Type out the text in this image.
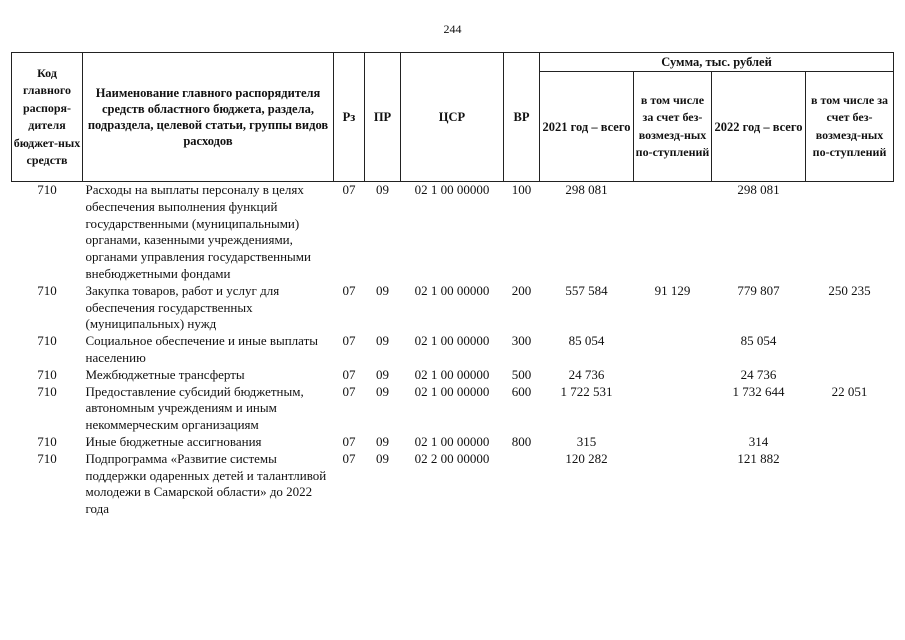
244
Код главного распоря-дителя бюджет-ных средств	Наименование главного распорядителя средств областного бюджета, раздела, подраздела, целевой статьи, группы видов расходов	Рз	ПР	ЦСР	ВР	Сумма, тыс. рублей			
						2021 год – всего	в том числе за счет без-возмезд-ных по-ступлений	2022 год – всего	в том числе за счет без-возмезд-ных по-ступлений
710	Расходы на выплаты персоналу в целях обеспечения выполнения функций государственными (муниципальными) органами, казенными учреждениями, органами управления государственными внебюджетными фондами	07	09	02 1 00 00000	100	298 081		298 081	
710	Закупка товаров, работ и услуг для обеспечения государственных (муниципальных) нужд	07	09	02 1 00 00000	200	557 584	91 129	779 807	250 235
710	Социальное обеспечение и иные выплаты населению	07	09	02 1 00 00000	300	85 054		85 054	
710	Межбюджетные трансферты	07	09	02 1 00 00000	500	24 736		24 736	
710	Предоставление субсидий бюджетным, автономным учреждениям и иным некоммерческим организациям	07	09	02 1 00 00000	600	1 722 531		1 732 644	22 051
710	Иные бюджетные ассигнования	07	09	02 1 00 00000	800	315		314	
710	Подпрограмма «Развитие системы поддержки одаренных детей и талантливой молодежи в Самарской области» до 2022 года	07	09	02 2 00 00000		120 282		121 882	
